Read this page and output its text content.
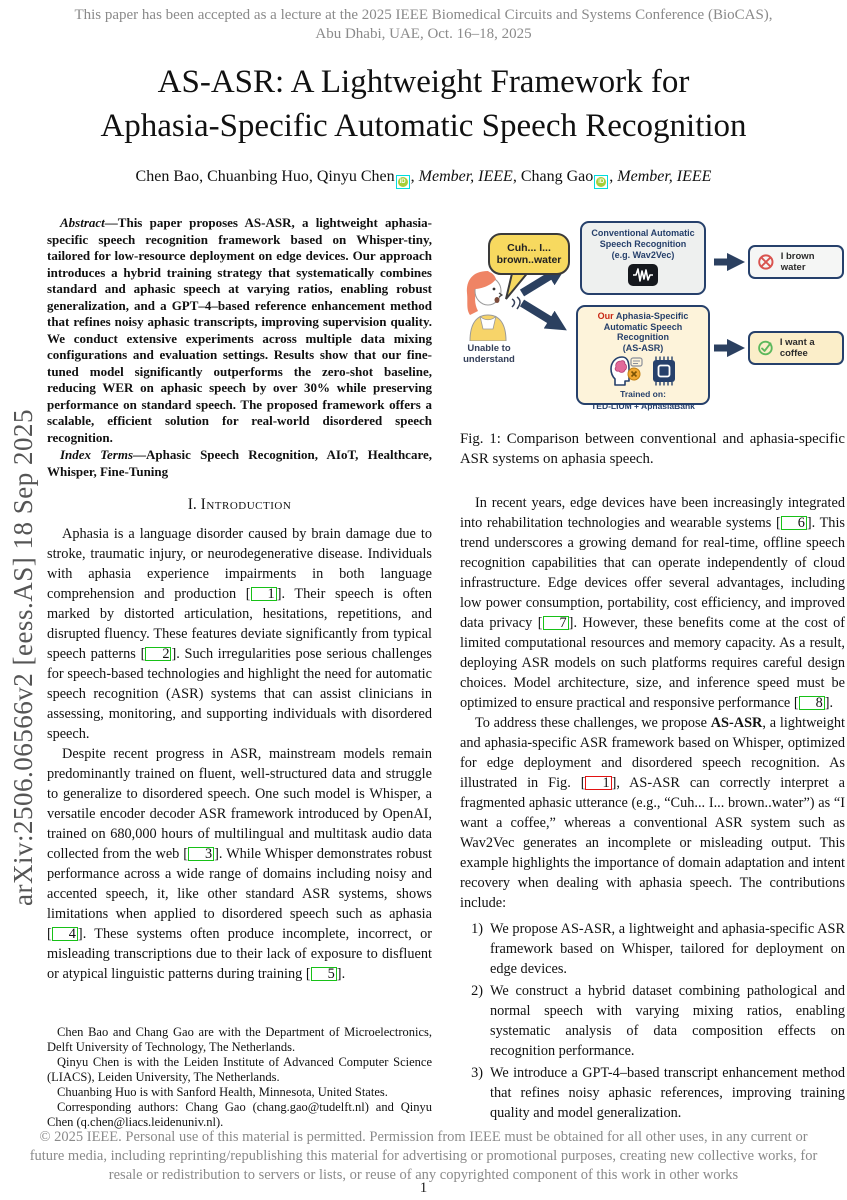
arXiv:2506.06566v2 [eess.AS] 18 Sep 2025
This paper has been accepted as a lecture at the 2025 IEEE Biomedical Circuits and Systems Conference (BioCAS),
Abu Dhabi, UAE, Oct. 16–18, 2025
AS-ASR: A Lightweight Framework for
Aphasia-Specific Automatic Speech Recognition
Chen Bao, Chuanbing Huo, Qinyu Chen iD , Member, IEEE, Chang Gao iD , Member, IEEE

Abstract—This paper proposes AS-ASR, a lightweight aphasia-specific speech recognition framework based on Whisper-tiny, tailored for low-resource deployment on edge devices. Our approach introduces a hybrid training strategy that systematically combines standard and aphasic speech at varying ratios, enabling robust generalization, and a GPT–4–based reference enhancement method that refines noisy aphasic transcripts, improving supervision quality. We conduct extensive experiments across multiple data mixing configurations and evaluation settings. Results show that our fine-tuned model significantly outperforms the zero-shot baseline, reducing WER on aphasic speech by over 30% while preserving performance on standard speech. The proposed framework offers a scalable, efficient solution for real-world disordered speech recognition.

Index Terms—Aphasic Speech Recognition, AIoT, Healthcare, Whisper, Fine-Tuning

I. Introduction

Aphasia is a language disorder caused by brain damage due to stroke, traumatic injury, or neurodegenerative disease. Individuals with aphasia experience impairments in both language comprehension and production [ 1 ]. Their speech is often marked by distorted articulation, hesitations, repetitions, and disrupted fluency. These features deviate significantly from typical speech patterns [ 2 ]. Such irregularities pose serious challenges for speech-based technologies and highlight the need for automatic speech recognition (ASR) systems that can assist clinicians in assessing, monitoring, and supporting individuals with disordered speech.

Despite recent progress in ASR, mainstream models remain predominantly trained on fluent, well-structured data and struggle to generalize to disordered speech. One such model is Whisper, a versatile encoder decoder ASR framework introduced by OpenAI, trained on 680,000 hours of multilingual and multitask audio data collected from the web [ 3 ]. While Whisper demonstrates robust performance across a wide range of domains including noisy and accented speech, it, like other standard ASR systems, shows limitations when applied to disordered speech such as aphasia [ 4 ]. These systems often produce incomplete, incorrect, or misleading transcriptions due to their lack of exposure to disfluent or atypical linguistic patterns during training [ 5 ].

Chen Bao and Chang Gao are with the Department of Microelectronics, Delft University of Technology, The Netherlands.

Qinyu Chen is with the Leiden Institute of Advanced Computer Science (LIACS), Leiden University, The Netherlands.

Chuanbing Huo is with Sanford Health, Minnesota, United States.

Corresponding authors: Chang Gao (chang.gao@tudelft.nl) and Qinyu Chen (q.chen@liacs.leidenuniv.nl).

Cuh... I...
brown..water
Unable to
understand
Conventional Automatic
Speech Recognition
(e.g. Wav2Vec)
Our Aphasia-Specific
Automatic Speech Recognition
(AS-ASR)
Trained on:
TED-LIUM + AphasiaBank
I brown water
I want a coffee

Fig. 1: Comparison between conventional and aphasia-specific ASR systems on aphasia speech.

In recent years, edge devices have been increasingly integrated into rehabilitation technologies and wearable systems [ 6 ]. This trend underscores a growing demand for real-time, offline speech recognition capabilities that can operate independently of cloud infrastructure. Edge devices offer several advantages, including low power consumption, portability, cost efficiency, and improved data privacy [ 7 ]. However, these benefits come at the cost of limited computational resources and memory capacity. As a result, deploying ASR models on such platforms requires careful design choices. Model architecture, size, and inference speed must be optimized to ensure practical and responsive performance [ 8 ].

To address these challenges, we propose AS-ASR, a lightweight and aphasia-specific ASR framework based on Whisper, optimized for edge deployment and disordered speech recognition. As illustrated in Fig. [ 1 ], AS-ASR can correctly interpret a fragmented aphasic utterance (e.g., “Cuh... I... brown..water”) as “I want a coffee,” whereas a conventional ASR system such as Wav2Vec generates an incomplete or misleading output. This example highlights the importance of domain adaptation and intent recovery when dealing with aphasia speech. The contributions include:

1) We propose AS-ASR, a lightweight and aphasia-specific ASR framework based on Whisper, tailored for deployment on edge devices.
2) We construct a hybrid dataset combining pathological and normal speech with varying mixing ratios, enabling systematic analysis of data composition effects on recognition performance.
3) We introduce a GPT-4–based transcript enhancement method that refines noisy aphasic references, improving training quality and model generalization.
© 2025 IEEE. Personal use of this material is permitted. Permission from IEEE must be obtained for all other uses, in any current or future media, including reprinting/republishing this material for advertising or promotional purposes, creating new collective works, for resale or redistribution to servers or lists, or reuse of any copyrighted component of this work in other works
1
